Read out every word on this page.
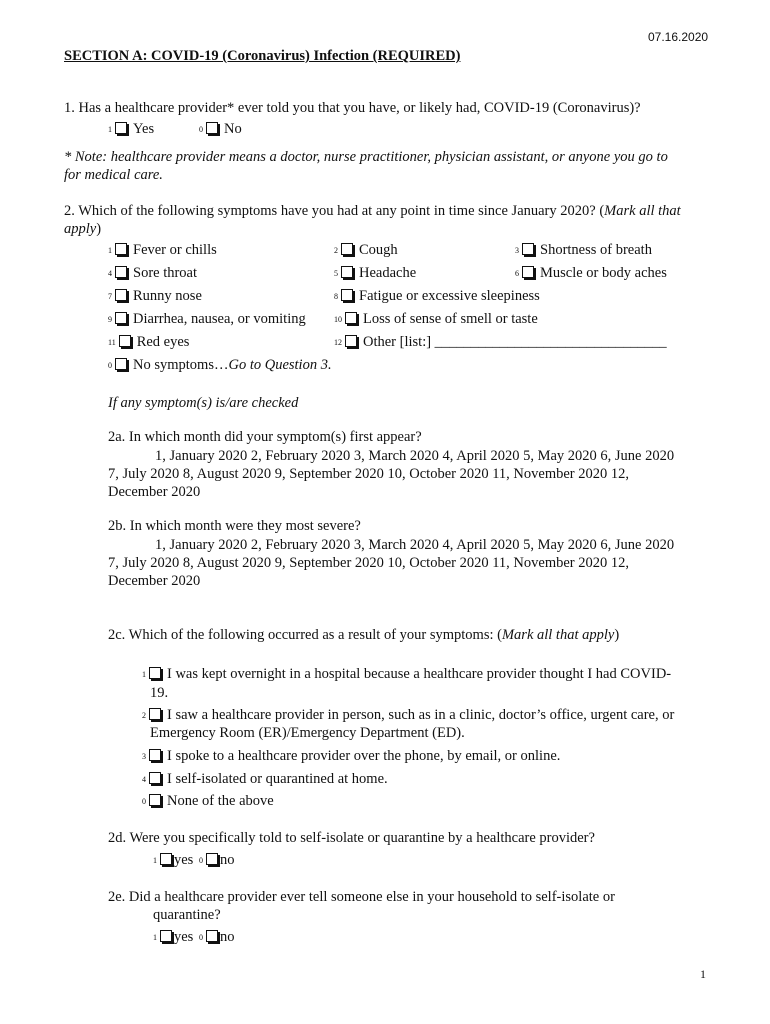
07.16.2020
SECTION A: COVID-19 (Coronavirus) Infection (REQUIRED)
1. Has a healthcare provider* ever told you that you have, or likely had, COVID-19 (Coronavirus)?
1 Yes	0 No
* Note: healthcare provider means a doctor, nurse practitioner, physician assistant, or anyone you go to
for medical care.
2. Which of the following symptoms have you had at any point in time since January 2020? (Mark all that
apply)
1 Fever or chills	2 Cough	3 Shortness of breath
4 Sore throat	5 Headache	6 Muscle or body aches
7 Runny nose	8 Fatigue or excessive sleepiness
9 Diarrhea, nausea, or vomiting	10 Loss of sense of smell or taste
11 Red eyes	12 Other [list:] ________________________________
0 No symptoms…Go to Question 3.
If any symptom(s) is/are checked
2a. In which month did your symptom(s) first appear?
1, January 2020 2, February 2020 3, March 2020 4, April 2020 5, May 2020 6, June 2020
7, July 2020 8, August 2020 9, September 2020 10, October 2020 11, November 2020 12,
December 2020
2b. In which month were they most severe?
1, January 2020 2, February 2020 3, March 2020 4, April 2020 5, May 2020 6, June 2020
7, July 2020 8, August 2020 9, September 2020 10, October 2020 11, November 2020 12,
December 2020
2c. Which of the following occurred as a result of your symptoms: (Mark all that apply)
1 I was kept overnight in a hospital because a healthcare provider thought I had COVID-
19.
2 I saw a healthcare provider in person, such as in a clinic, doctor’s office, urgent care, or
Emergency Room (ER)/Emergency Department (ED).
3 I spoke to a healthcare provider over the phone, by email, or online.
4 I self-isolated or quarantined at home.
0 None of the above
2d. Were you specifically told to self-isolate or quarantine by a healthcare provider?
1 yes 0 no
2e. Did a healthcare provider ever tell someone else in your household to self-isolate or
quarantine?
1 yes 0 no
1
